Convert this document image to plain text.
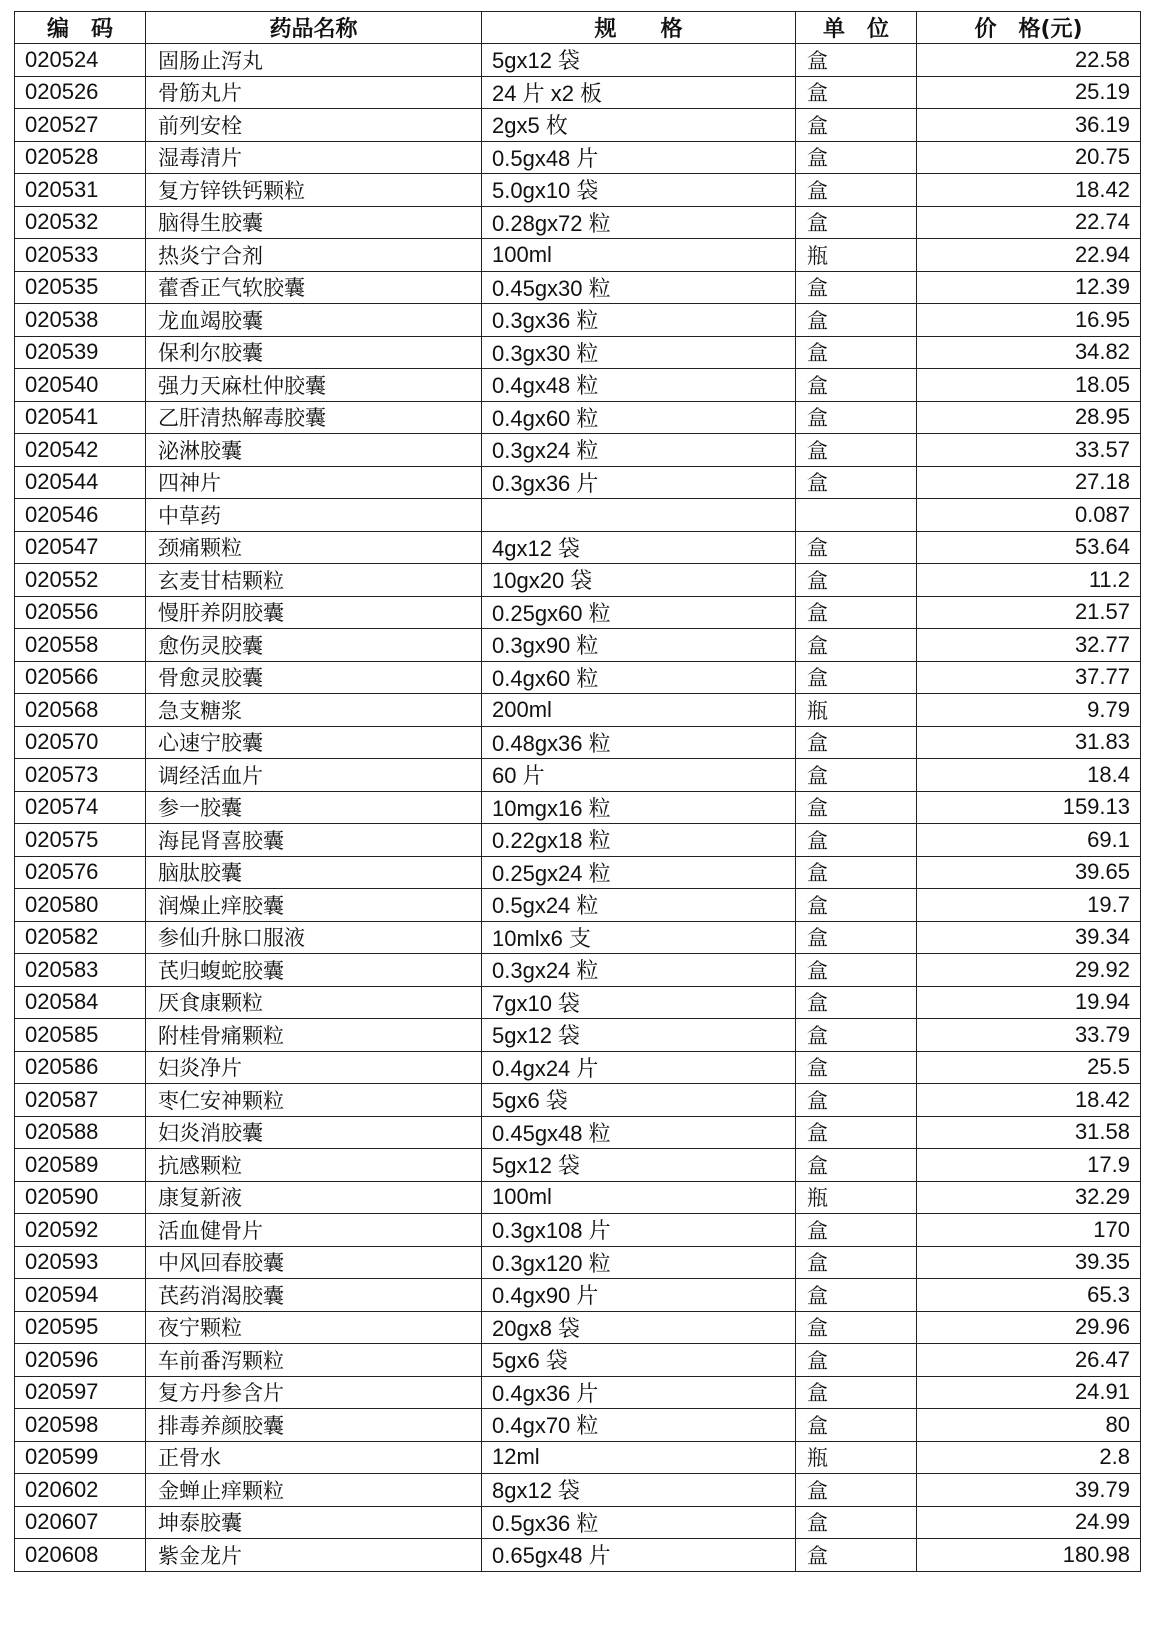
编　码	药品名称	规　　格	单　位	价　格(元)
020524	固肠止泻丸	5gx12 袋	盒	22.58
020526	骨筋丸片	24 片 x2 板	盒	25.19
020527	前列安栓	2gx5 枚	盒	36.19
020528	湿毒清片	0.5gx48 片	盒	20.75
020531	复方锌铁钙颗粒	5.0gx10 袋	盒	18.42
020532	脑得生胶囊	0.28gx72 粒	盒	22.74
020533	热炎宁合剂	100ml	瓶	22.94
020535	藿香正气软胶囊	0.45gx30 粒	盒	12.39
020538	龙血竭胶囊	0.3gx36 粒	盒	16.95
020539	保利尔胶囊	0.3gx30 粒	盒	34.82
020540	强力天麻杜仲胶囊	0.4gx48 粒	盒	18.05
020541	乙肝清热解毒胶囊	0.4gx60 粒	盒	28.95
020542	泌淋胶囊	0.3gx24 粒	盒	33.57
020544	四神片	0.3gx36 片	盒	27.18
020546	中草药			0.087
020547	颈痛颗粒	4gx12 袋	盒	53.64
020552	玄麦甘桔颗粒	10gx20 袋	盒	11.2
020556	慢肝养阴胶囊	0.25gx60 粒	盒	21.57
020558	愈伤灵胶囊	0.3gx90 粒	盒	32.77
020566	骨愈灵胶囊	0.4gx60 粒	盒	37.77
020568	急支糖浆	200ml	瓶	9.79
020570	心速宁胶囊	0.48gx36 粒	盒	31.83
020573	调经活血片	60 片	盒	18.4
020574	参一胶囊	10mgx16 粒	盒	159.13
020575	海昆肾喜胶囊	0.22gx18 粒	盒	69.1
020576	脑肽胶囊	0.25gx24 粒	盒	39.65
020580	润燥止痒胶囊	0.5gx24 粒	盒	19.7
020582	参仙升脉口服液	10mlx6 支	盒	39.34
020583	芪归蝮蛇胶囊	0.3gx24 粒	盒	29.92
020584	厌食康颗粒	7gx10 袋	盒	19.94
020585	附桂骨痛颗粒	5gx12 袋	盒	33.79
020586	妇炎净片	0.4gx24 片	盒	25.5
020587	枣仁安神颗粒	5gx6 袋	盒	18.42
020588	妇炎消胶囊	0.45gx48 粒	盒	31.58
020589	抗感颗粒	5gx12 袋	盒	17.9
020590	康复新液	100ml	瓶	32.29
020592	活血健骨片	0.3gx108 片	盒	170
020593	中风回春胶囊	0.3gx120 粒	盒	39.35
020594	芪药消渴胶囊	0.4gx90 片	盒	65.3
020595	夜宁颗粒	20gx8 袋	盒	29.96
020596	车前番泻颗粒	5gx6 袋	盒	26.47
020597	复方丹参含片	0.4gx36 片	盒	24.91
020598	排毒养颜胶囊	0.4gx70 粒	盒	80
020599	正骨水	12ml	瓶	2.8
020602	金蝉止痒颗粒	8gx12 袋	盒	39.79
020607	坤泰胶囊	0.5gx36 粒	盒	24.99
020608	紫金龙片	0.65gx48 片	盒	180.98
